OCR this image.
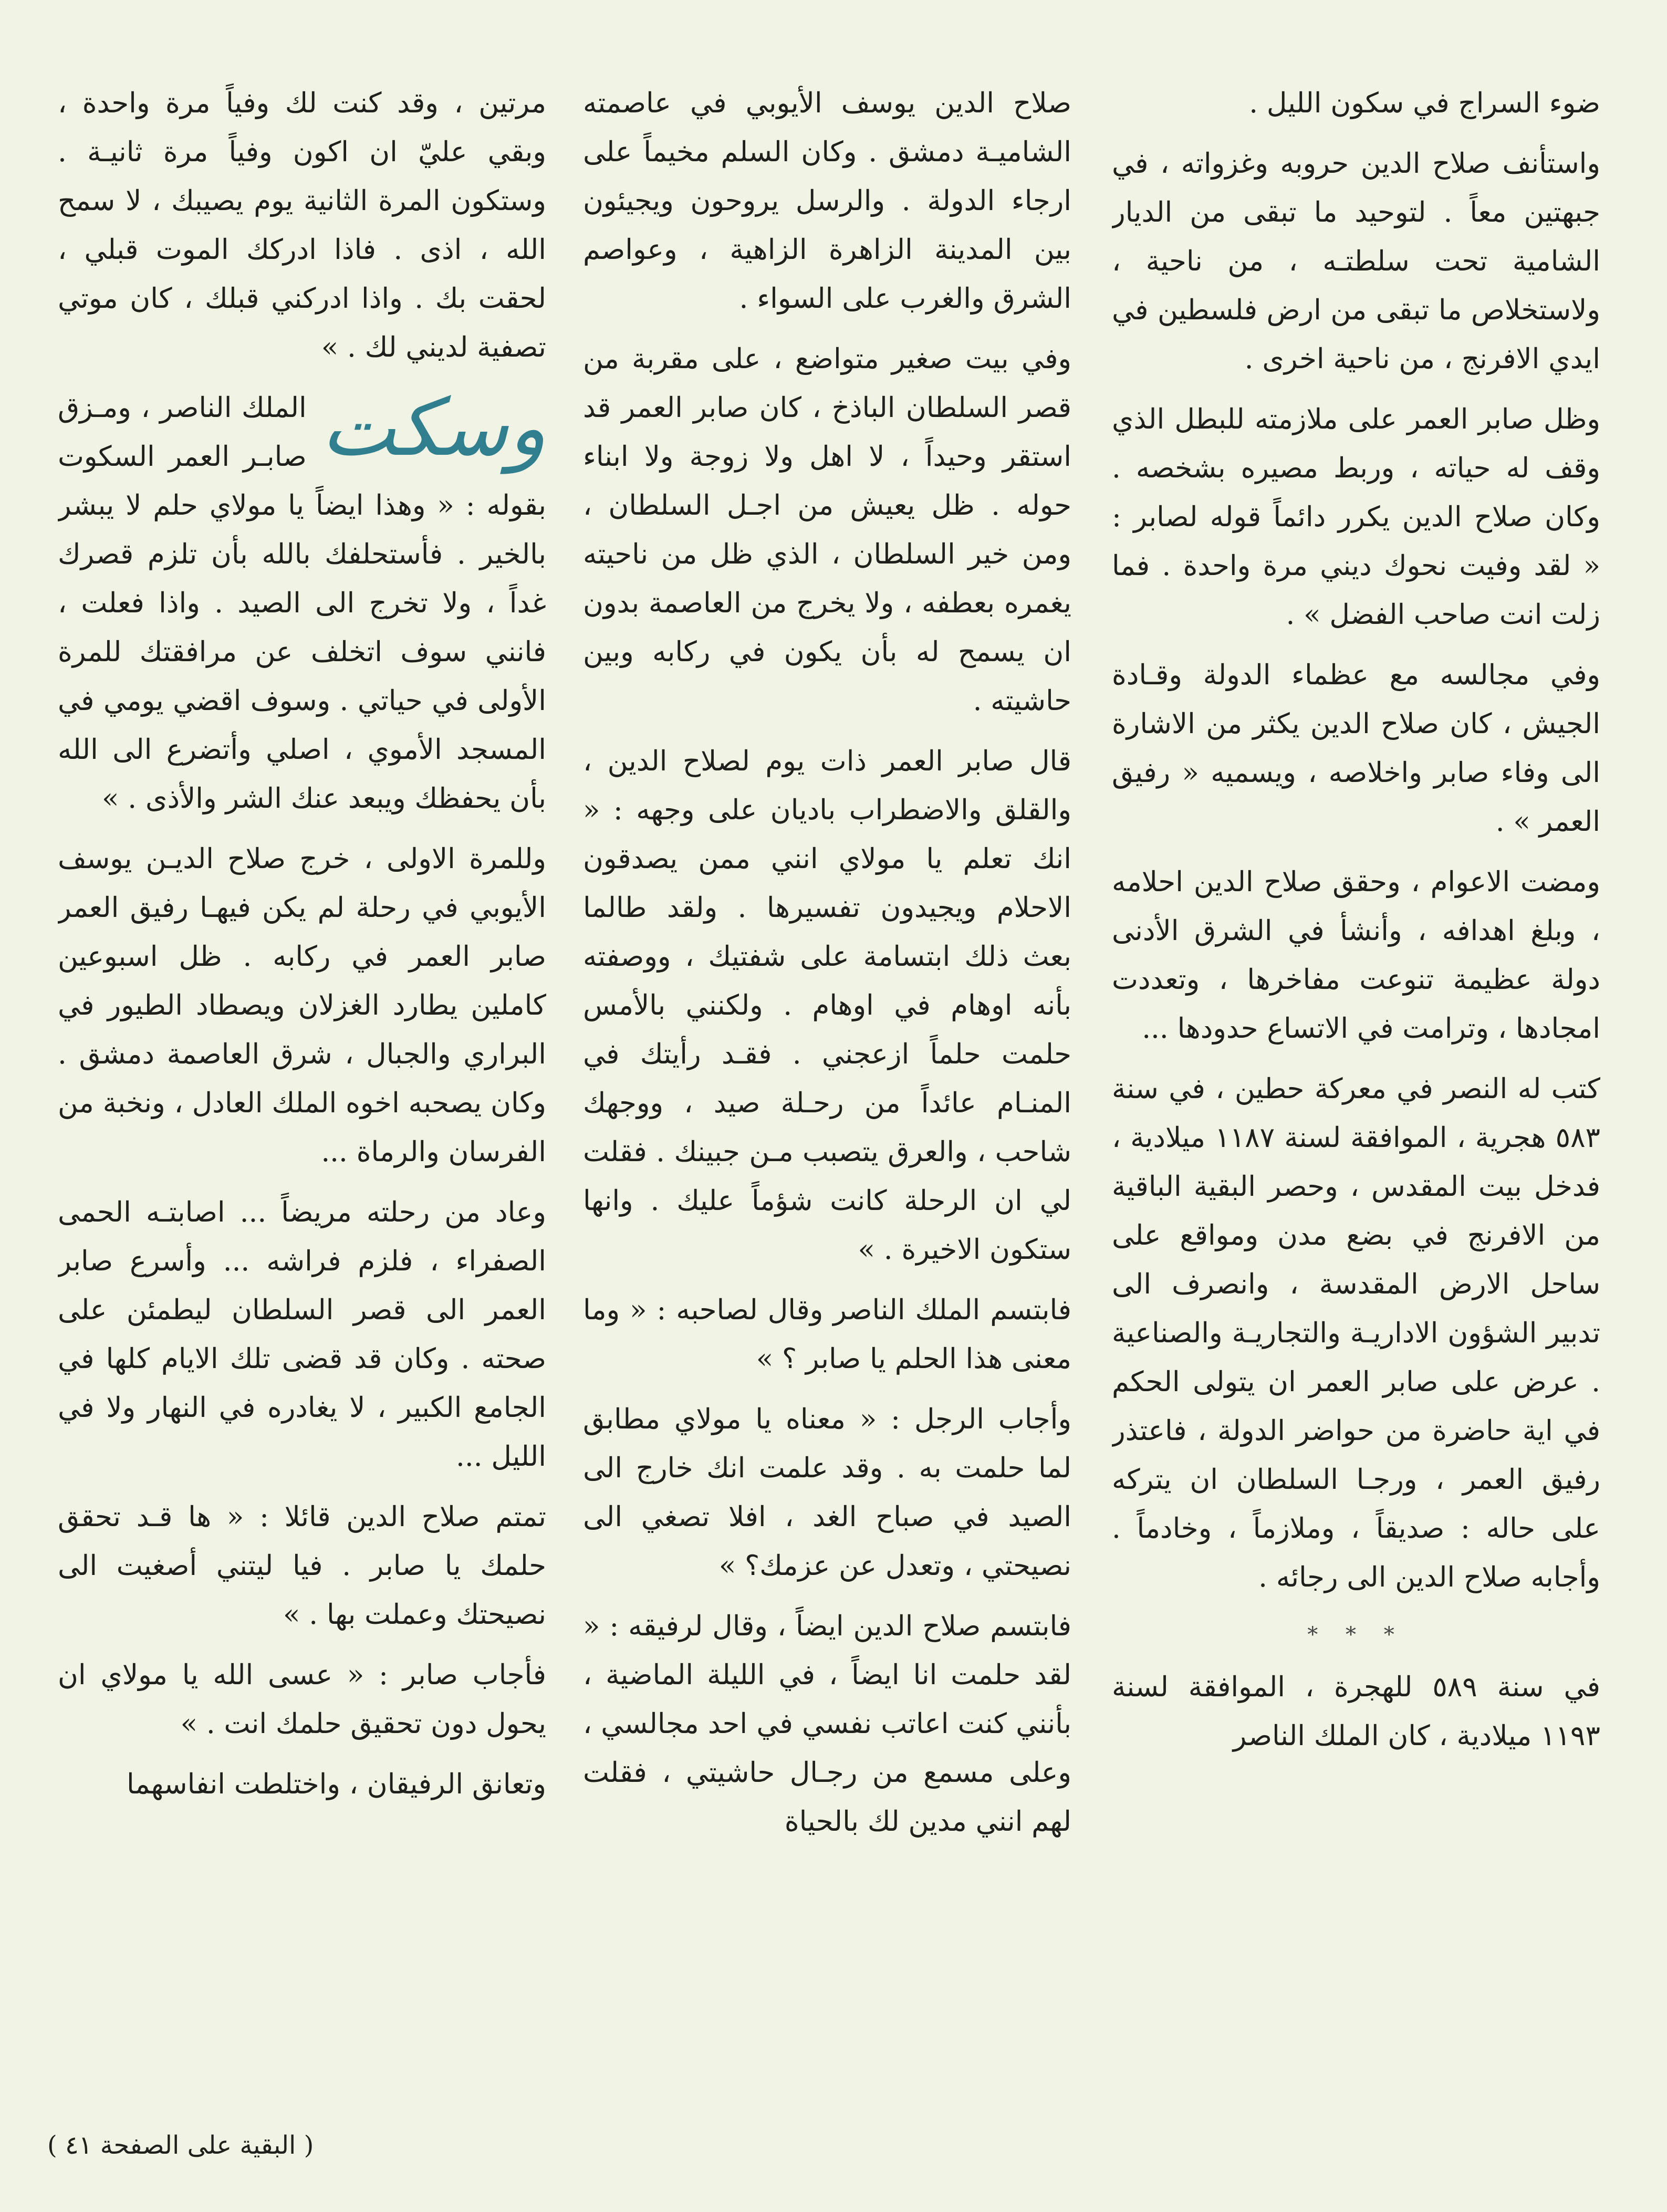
ضوء السراج في سكون الليل .

واستأنف صلاح الدين حروبه وغزواته ، في جبهتين معاً . لتوحيد ما تبقى من الديار الشامية تحت سلطتـه ، من ناحية ، ولاستخلاص ما تبقى من ارض فلسطين في ايدي الافرنج ، من ناحية اخرى .

وظل صابر العمر على ملازمته للبطل الذي وقف له حياته ، وربط مصيره بشخصه . وكان صلاح الدين يكرر دائماً قوله لصابر : « لقد وفيت نحوك ديني مرة واحدة . فما زلت انت صاحب الفضل » .

وفي مجالسه مع عظماء الدولة وقـادة الجيش ، كان صلاح الدين يكثر من الاشارة الى وفاء صابر واخلاصه ، ويسميه « رفيق العمر » .

ومضت الاعوام ، وحقق صلاح الدين احلامه ، وبلغ اهدافه ، وأنشأ في الشرق الأدنى دولة عظيمة تنوعت مفاخرها ، وتعددت امجادها ، وترامت في الاتساع حدودها ...

كتب له النصر في معركة حطين ، في سنة ٥٨٣ هجرية ، الموافقة لسنة ١١٨٧ ميلادية ، فدخل بيت المقدس ، وحصر البقية الباقية من الافرنج في بضع مدن ومواقع على ساحل الارض المقدسة ، وانصرف الى تدبير الشؤون الاداريـة والتجاريـة والصناعية . عرض على صابر العمر ان يتولى الحكم في اية حاضرة من حواضر الدولة ، فاعتذر رفيق العمر ، ورجـا السلطان ان يتركه على حاله : صديقاً ، وملازماً ، وخادماً . وأجابه صلاح الدين الى رجائه .

* * *

في سنة ٥٨٩ للهجرة ، الموافقة لسنة ١١٩٣ ميلادية ، كان الملك الناصر

صلاح الدين يوسف الأيوبي في عاصمته الشاميـة دمشق . وكان السلم مخيماً على ارجاء الدولة . والرسل يروحون ويجيئون بين المدينة الزاهرة الزاهية ، وعواصم الشرق والغرب على السواء .

وفي بيت صغير متواضع ، على مقربة من قصر السلطان الباذخ ، كان صابر العمر قد استقر وحيداً ، لا اهل ولا زوجة ولا ابناء حوله . ظل يعيش من اجـل السلطان ، ومن خير السلطان ، الذي ظل من ناحيته يغمره بعطفه ، ولا يخرج من العاصمة بدون ان يسمح له بأن يكون في ركابه وبين حاشيته .

قال صابر العمر ذات يوم لصلاح الدين ، والقلق والاضطراب باديان على وجهه : « انك تعلم يا مولاي انني ممن يصدقون الاحلام ويجيدون تفسيرها . ولقد طالما بعث ذلك ابتسامة على شفتيك ، ووصفته بأنه اوهام في اوهام . ولكنني بالأمس حلمت حلماً ازعجني . فقـد رأيتك في المنـام عائداً من رحـلة صيد ، ووجهك شاحب ، والعرق يتصبب مـن جبينك . فقلت لي ان الرحلة كانت شؤماً عليك . وانها ستكون الاخيرة . »

فابتسم الملك الناصر وقال لصاحبه : « وما معنى هذا الحلم يا صابر ؟ »

وأجاب الرجل : « معناه يا مولاي مطابق لما حلمت به . وقد علمت انك خارج الى الصيد في صباح الغد ، افلا تصغي الى نصيحتي ، وتعدل عن عزمك؟ »

فابتسم صلاح الدين ايضاً ، وقال لرفيقه : « لقد حلمت انا ايضاً ، في الليلة الماضية ، بأنني كنت اعاتب نفسي في احد مجالسي ، وعلى مسمع من رجـال حاشيتي ، فقلت لهم انني مدين لك بالحياة

مرتين ، وقد كنت لك وفياً مرة واحدة ، وبقي عليّ ان اكون وفياً مرة ثانيـة . وستكون المرة الثانية يوم يصيبك ، لا سمح الله ، اذى . فاذا ادركك الموت قبلي ، لحقت بك . واذا ادركني قبلك ، كان موتي تصفية لديني لك . »

وسكت

الملك الناصر ، ومـزق صابـر العمر السكوت بقوله : « وهذا ايضاً يا مولاي حلم لا يبشر بالخير . فأستحلفك بالله بأن تلزم قصرك غداً ، ولا تخرج الى الصيد . واذا فعلت ، فانني سوف اتخلف عن مرافقتك للمرة الأولى في حياتي . وسوف اقضي يومي في المسجد الأموي ، اصلي وأتضرع الى الله بأن يحفظك ويبعد عنك الشر والأذى . »

وللمرة الاولى ، خرج صلاح الديـن يوسف الأيوبي في رحلة لم يكن فيهـا رفيق العمر صابر العمر في ركابه . ظل اسبوعين كاملين يطارد الغزلان ويصطاد الطيور في البراري والجبال ، شرق العاصمة دمشق . وكان يصحبه اخوه الملك العادل ، ونخبة من الفرسان والرماة ...

وعاد من رحلته مريضاً ... اصابتـه الحمى الصفراء ، فلزم فراشه ... وأسرع صابر العمر الى قصر السلطان ليطمئن على صحته . وكان قد قضى تلك الايام كلها في الجامع الكبير ، لا يغادره في النهار ولا في الليل ...

تمتم صلاح الدين قائلا : « ها قـد تحقق حلمك يا صابر . فيا ليتني أصغيت الى نصيحتك وعملت بها . »

فأجاب صابر : « عسى الله يا مولاي ان يحول دون تحقيق حلمك انت . »

وتعانق الرفيقان ، واختلطت انفاسهما

( البقية على الصفحة ٤١ )
